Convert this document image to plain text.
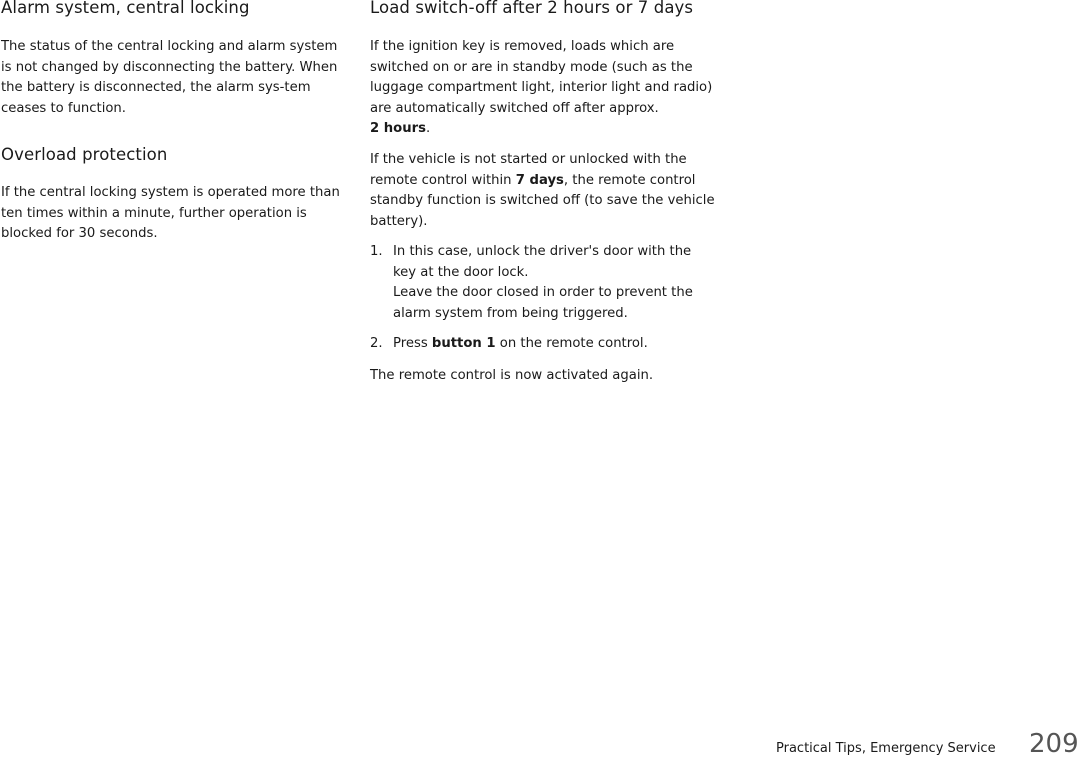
Alarm system, central locking

The status of the central locking and alarm system is not changed by disconnecting the battery. When the battery is disconnected, the alarm sys-tem ceases to function.

Overload protection

If the central locking system is operated more than ten times within a minute, further operation is blocked for 30 seconds.

Load switch-off after 2 hours or 7 days

If the ignition key is removed, loads which are switched on or are in standby mode (such as the luggage compartment light, interior light and radio) are automatically switched off after approx.
2 hours.

If the vehicle is not started or unlocked with the remote control within 7 days, the remote control standby function is switched off (to save the vehicle battery).

1. In this case, unlock the driver's door with the key at the door lock.
Leave the door closed in order to prevent the alarm system from being triggered.
2. Press button 1 on the remote control.

The remote control is now activated again.

Practical Tips, Emergency Service 209
